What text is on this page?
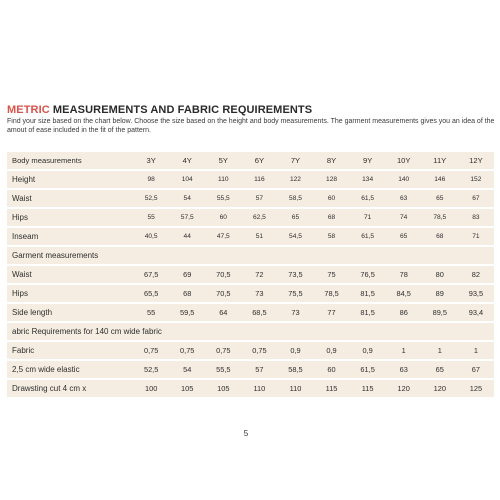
METRIC MEASUREMENTS AND FABRIC REQUIREMENTS
Find your size based on the chart below. Choose the size based on the height and body measurements. The garment measurements gives you an idea of the amout of ease included in the fit of the pattern.
Body measurements	3Y	4Y	5Y	6Y	7Y	8Y	9Y	10Y	11Y	12Y
Height	98	104	110	116	122	128	134	140	146	152
Waist	52,5	54	55,5	57	58,5	60	61,5	63	65	67
Hips	55	57,5	60	62,5	65	68	71	74	78,5	83
Inseam	40,5	44	47,5	51	54,5	58	61,5	65	68	71
Garment measurements										
Waist	67,5	69	70,5	72	73,5	75	76,5	78	80	82
Hips	65,5	68	70,5	73	75,5	78,5	81,5	84,5	89	93,5
Side length	55	59,5	64	68,5	73	77	81,5	86	89,5	93,4
abric Requirements for 140 cm wide fabric										
Fabric	0,75	0,75	0,75	0,75	0,9	0,9	0,9	1	1	1
2,5 cm wide elastic	52,5	54	55,5	57	58,5	60	61,5	63	65	67
Drawsting cut 4 cm x	100	105	105	110	110	115	115	120	120	125
5
